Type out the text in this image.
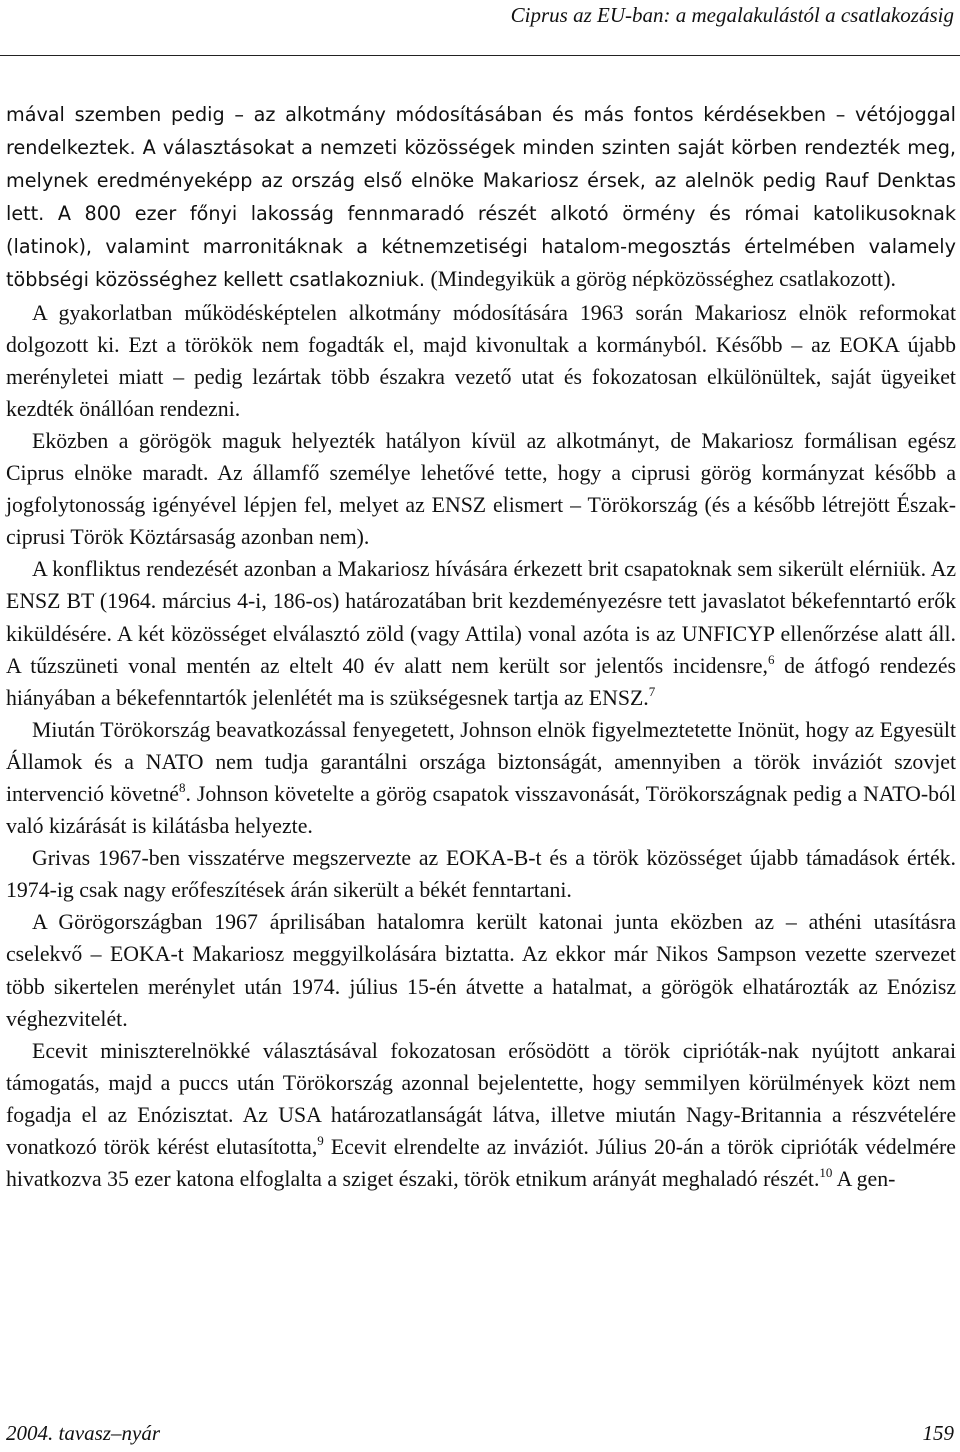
Ciprus az EU-ban: a megalakulástól a csatlakozásig

mával szemben pedig – az alkotmány módosításában és más fontos kérdésekben – vétójoggal rendelkeztek. A választásokat a nemzeti közösségek minden szinten saját körben rendezték meg, melynek eredményeképp az ország első elnöke Makariosz érsek, az alelnök pedig Rauf Denktas lett. A 800 ezer főnyi lakosság fennmaradó részét alkotó örmény és római katolikusoknak (latinok), valamint marronitáknak a kétnemzetiségi hatalom-megosztás értelmében valamely többségi közösséghez kellett csatlakozniuk. (Mindegyikük a görög népközösséghez csatlakozott).

A gyakorlatban működésképtelen alkotmány módosítására 1963 során Makariosz elnök reformokat dolgozott ki. Ezt a törökök nem fogadták el, majd kivonultak a kormányból. Később – az EOKA újabb merényletei miatt – pedig lezártak több északra vezető utat és fokozatosan elkülönültek, saját ügyeiket kezdték önállóan rendezni.

Eközben a görögök maguk helyezték hatályon kívül az alkotmányt, de Makariosz formálisan egész Ciprus elnöke maradt. Az államfő személye lehetővé tette, hogy a ciprusi görög kormányzat később a jogfolytonosság igényével lépjen fel, melyet az ENSZ elismert – Törökország (és a később létrejött Észak-ciprusi Török Köztársaság azonban nem).

A konfliktus rendezését azonban a Makariosz hívására érkezett brit csapatoknak sem sikerült elérniük. Az ENSZ BT (1964. március 4-i, 186-os) határozatában brit kezdeményezésre tett javaslatot békefenntartó erők kiküldésére. A két közösséget elválasztó zöld (vagy Attila) vonal azóta is az UNFICYP ellenőrzése alatt áll. A tűzszüneti vonal mentén az eltelt 40 év alatt nem került sor jelentős incidensre,$^6$ de átfogó rendezés hiányában a békefenntartók jelenlétét ma is szükségesnek tartja az ENSZ.$^7$

Miután Törökország beavatkozással fenyegetett, Johnson elnök figyelmeztetette Inönüt, hogy az Egyesült Államok és a NATO nem tudja garantálni országa biztonságát, amennyiben a török inváziót szovjet intervenció követné$^8$. Johnson követelte a görög csapatok visszavonását, Törökországnak pedig a NATO-ból való kizárását is kilátásba helyezte.

Grivas 1967-ben visszatérve megszervezte az EOKA-B-t és a török közösséget újabb támadások érték. 1974-ig csak nagy erőfeszítések árán sikerült a békét fenntartani.

A Görögországban 1967 áprilisában hatalomra került katonai junta eközben az – athéni utasításra cselekvő – EOKA-t Makariosz meggyilkolására biztatta. Az ekkor már Nikos Sampson vezette szervezet több sikertelen merénylet után 1974. július 15-én átvette a hatalmat, a görögök elhatározták az Enózisz véghezvitelét.

Ecevit miniszterelnökké választásával fokozatosan erősödött a török ciprióták-nak nyújtott ankarai támogatás, majd a puccs után Törökország azonnal bejelentette, hogy semmilyen körülmények közt nem fogadja el az Enózisztat. Az USA határozatlanságát látva, illetve miután Nagy-Britannia a részvételére vonatkozó török kérést elutasította,$^9$ Ecevit elrendelte az inváziót. Július 20-án a török ciprióták védelmére hivatkozva 35 ezer katona elfoglalta a sziget északi, török etnikum arányát meghaladó részét.$^{10}$ A gen-

2004. tavasz–nyár	159
